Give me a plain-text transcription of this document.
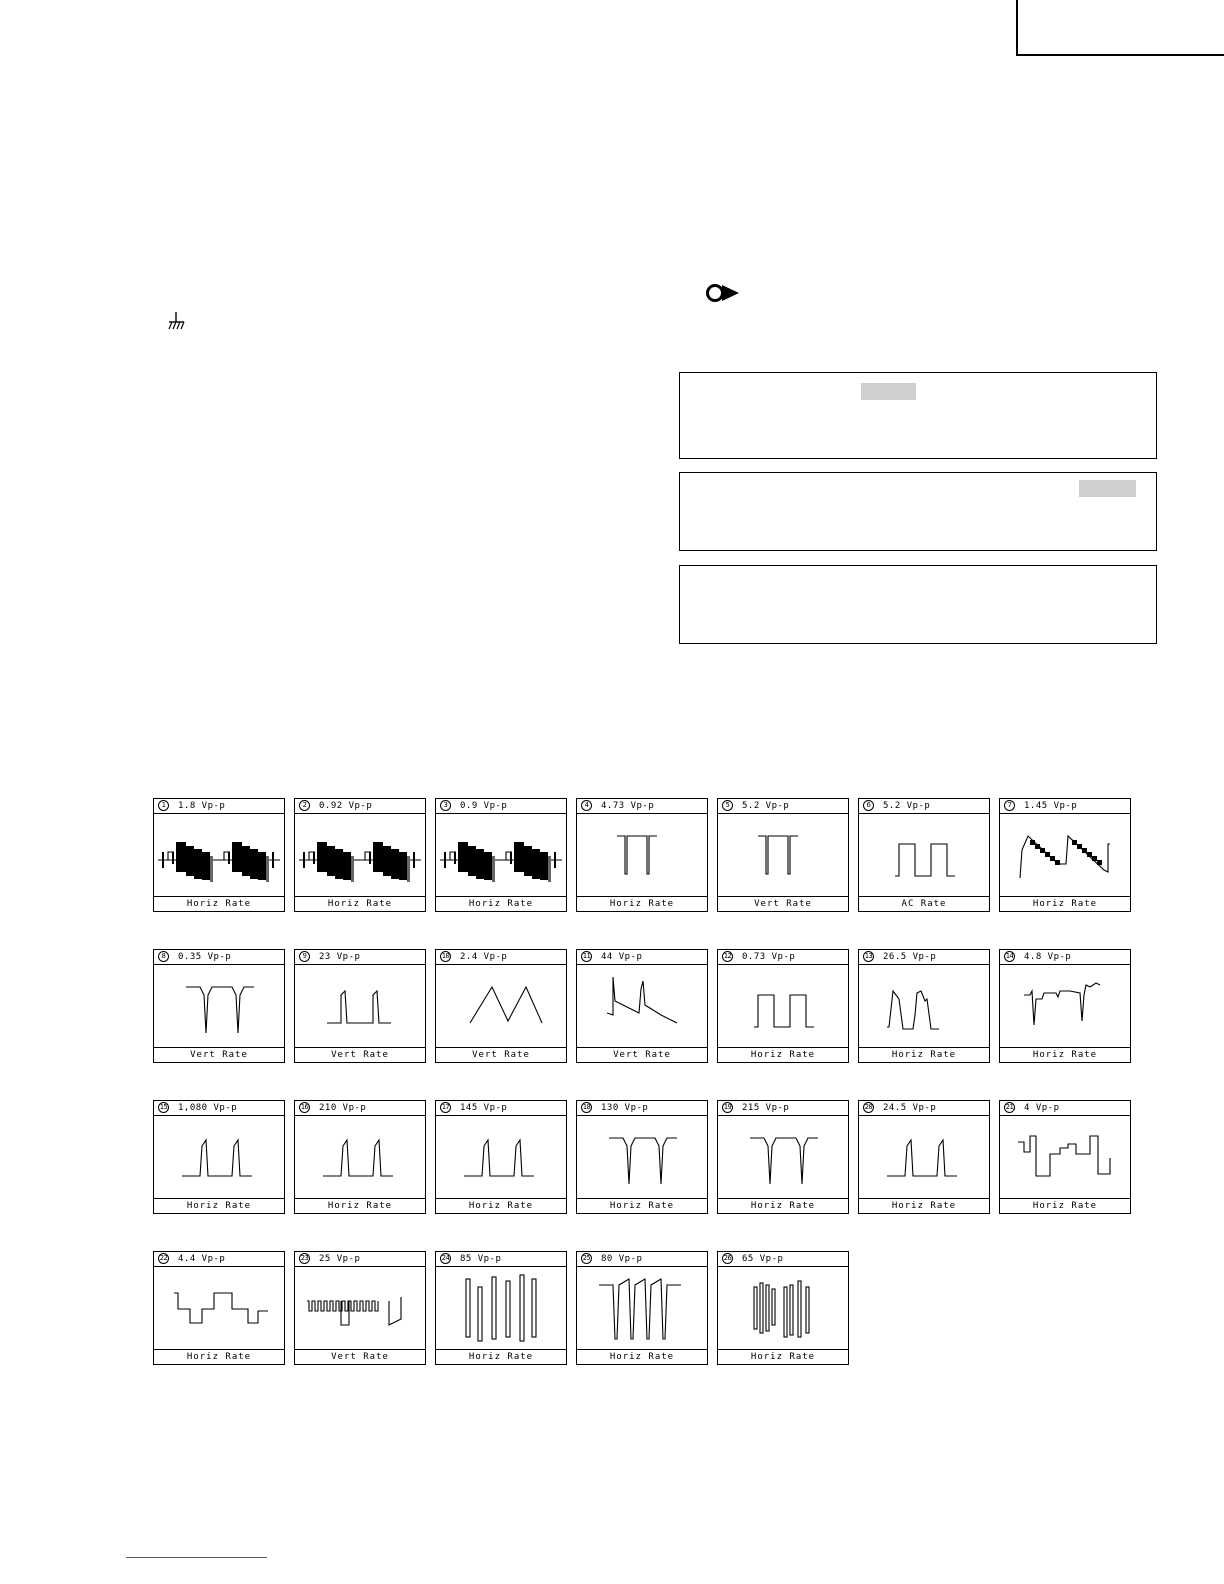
1	1.8 Vp-p
Horiz Rate
2	0.92 Vp-p
Horiz Rate
3	0.9 Vp-p
Horiz Rate
4	4.73 Vp-p
Horiz Rate
5	5.2 Vp-p
Vert Rate
6	5.2 Vp-p
AC Rate
7	1.45 Vp-p
Horiz Rate
8	0.35 Vp-p
Vert Rate
9	23 Vp-p
Vert Rate
10 2.4 Vp-p
Vert Rate
11 44 Vp-p
Vert Rate
12 0.73 Vp-p
Horiz Rate
13 26.5 Vp-p
Horiz Rate
14 4.8 Vp-p
Horiz Rate
15 1,080 Vp-p
Horiz Rate
16 210 Vp-p
Horiz Rate
17 145 Vp-p
Horiz Rate
18 130 Vp-p
Horiz Rate
19 215 Vp-p
Horiz Rate
20 24.5 Vp-p
Horiz Rate
21 4 Vp-p
Horiz Rate
22 4.4 Vp-p
Horiz Rate
23 25 Vp-p
Vert Rate
24 85 Vp-p
Horiz Rate
25 80 Vp-p
Horiz Rate
26 65 Vp-p
Horiz Rate
